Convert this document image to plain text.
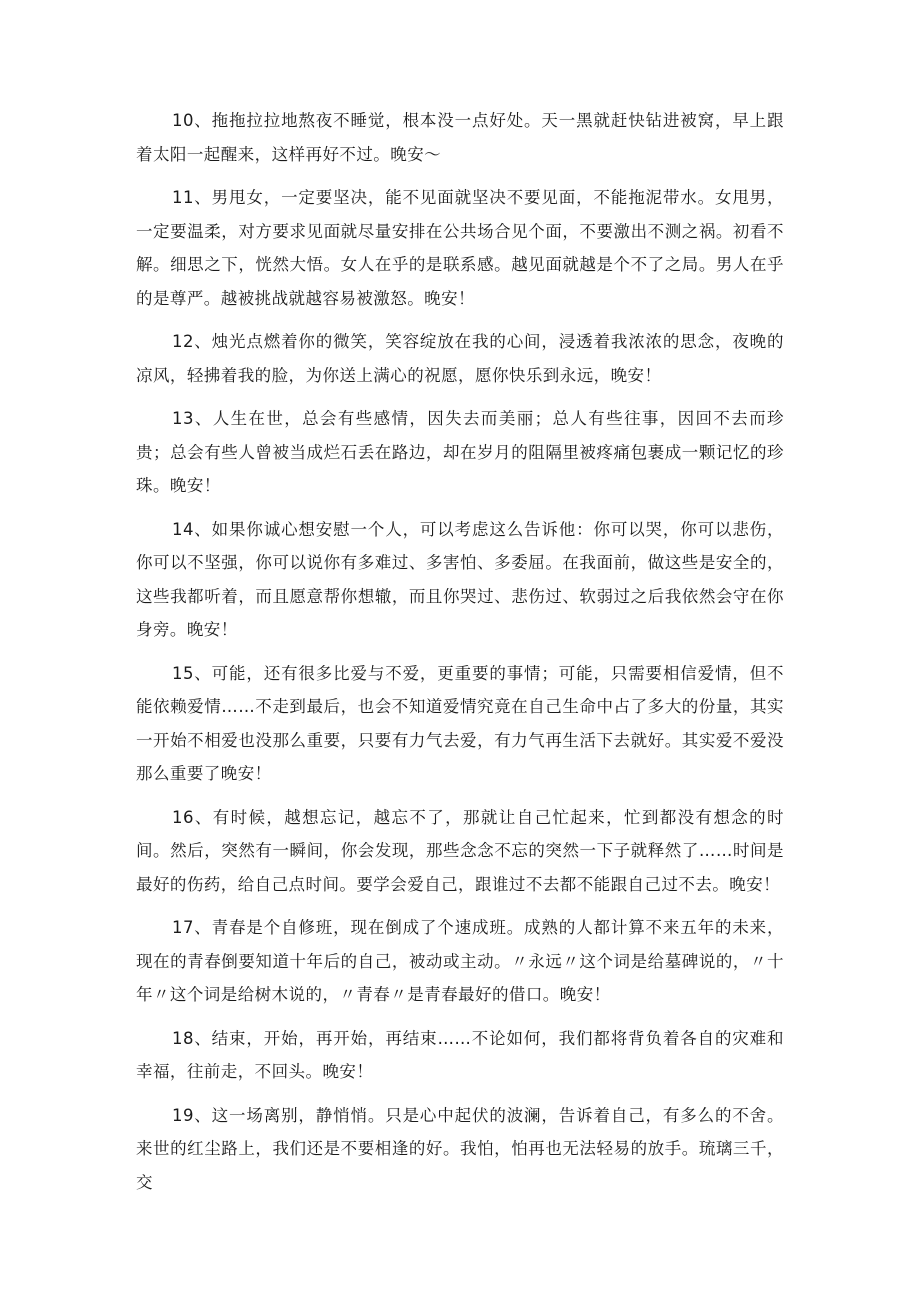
10、拖拖拉拉地熬夜不睡觉，根本没一点好处。天一黑就赶快钻进被窝，早上跟着太阳一起醒来，这样再好不过。晚安～

11、男甩女，一定要坚决，能不见面就坚决不要见面，不能拖泥带水。女甩男，一定要温柔，对方要求见面就尽量安排在公共场合见个面，不要激出不测之祸。初看不解。细思之下，恍然大悟。女人在乎的是联系感。越见面就越是个不了之局。男人在乎的是尊严。越被挑战就越容易被激怒。晚安！

12、烛光点燃着你的微笑，笑容绽放在我的心间，浸透着我浓浓的思念，夜晚的凉风，轻拂着我的脸，为你送上满心的祝愿，愿你快乐到永远，晚安！

13、人生在世，总会有些感情，因失去而美丽；总人有些往事，因回不去而珍贵；总会有些人曾被当成烂石丢在路边，却在岁月的阻隔里被疼痛包裹成一颗记忆的珍珠。晚安！

14、如果你诚心想安慰一个人，可以考虑这么告诉他：你可以哭，你可以悲伤，你可以不坚强，你可以说你有多难过、多害怕、多委屈。在我面前，做这些是安全的，这些我都听着，而且愿意帮你想辙，而且你哭过、悲伤过、软弱过之后我依然会守在你身旁。晚安！

15、可能，还有很多比爱与不爱，更重要的事情；可能，只需要相信爱情，但不能依赖爱情……不走到最后，也会不知道爱情究竟在自己生命中占了多大的份量，其实一开始不相爱也没那么重要，只要有力气去爱，有力气再生活下去就好。其实爱不爱没那么重要了晚安！

16、有时候，越想忘记，越忘不了，那就让自己忙起来，忙到都没有想念的时间。然后，突然有一瞬间，你会发现，那些念念不忘的突然一下子就释然了……时间是最好的伤药，给自己点时间。要学会爱自己，跟谁过不去都不能跟自己过不去。晚安！

17、青春是个自修班，现在倒成了个速成班。成熟的人都计算不来五年的未来，现在的青春倒要知道十年后的自己，被动或主动。〃永远〃这个词是给墓碑说的，〃十年〃这个词是给树木说的，〃青春〃是青春最好的借口。晚安！

18、结束，开始，再开始，再结束……不论如何，我们都将背负着各自的灾难和幸福，往前走，不回头。晚安！

19、这一场离别，静悄悄。只是心中起伏的波澜，告诉着自己，有多么的不舍。来世的红尘路上，我们还是不要相逢的好。我怕，怕再也无法轻易的放手。琉璃三千，交
